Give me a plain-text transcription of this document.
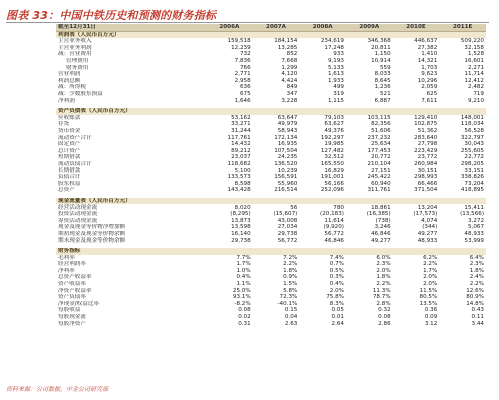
图表 33：中国中铁历史和预测的财务指标
截至12月31日	2006A	2007A	2008A	2009A	2010E	2011E
利润表（人民币百万元）						
主营业务收入	159,518	184,154	234,619	346,368	446,637	509,220
主营业务利润	12,239	13,285	17,248	20,811	27,382	32,158
减：营业费用	732	852	933	1,150	1,410	1,528
管理费用	7,836	7,668	9,193	10,914	14,321	16,601
财务费用	766	1,299	5,133	559	1,703	2,271
营业利润	2,771	4,120	1,613	8,033	9,623	11,714
利润总额	2,958	4,424	1,933	8,645	10,296	12,412
减：所得税	636	849	499	1,236	2,059	2,482
减：少数股东损益	675	347	319	521	625	719
净利润	1,646	3,228	1,115	6,887	7,611	9,210

资产负债表（人民币百万元）						
应收账款	53,162	63,647	79,103	103,115	129,410	148,001
存货	33,271	49,979	63,627	82,356	102,875	118,034
货币资金	31,244	58,943	49,376	51,606	51,362	56,528
流动资产合计	117,761	172,134	192,297	237,232	283,640	322,797
固定资产	14,432	16,935	19,985	25,634	27,798	30,043
总计资产	89,212	107,504	127,482	177,453	223,429	255,605
短期借款	23,037	24,235	32,512	20,772	23,772	22,772
流动负债合计	118,682	136,520	165,550	210,104	260,984	298,205
长期借款	5,100	10,239	16,829	27,151	30,151	33,151
负债合计	133,573	156,591	191,001	245,422	298,993	338,826
股东权益	8,598	55,960	56,166	60,940	66,466	73,204
总资产	143,428	216,514	252,096	311,761	371,504	418,895

现金流量表（人民币百万元）						
经营活动现金流	8,020	56	780	18,861	13,204	15,411
投资活动现金流	(8,295)	(15,607)	(20,183)	(16,385)	(17,573)	(13,566)
筹资活动现金流	13,873	43,008	11,614	(738)	4,074	3,272
现金及现金等价物净增加额	13,598	27,034	(9,920)	3,246	(344)	5,067
期初现金及现金等价物余额	16,140	29,738	56,772	46,846	49,277	48,933
期末现金及现金等价物余额	29,738	56,772	46,846	49,277	48,933	53,999

财务指标						
毛利率	7.7%	7.2%	7.4%	6.0%	6.2%	6.4%
经营利润率	1.7%	2.2%	0.7%	2.3%	2.2%	2.3%
净利率	1.0%	1.8%	0.5%	2.0%	1.7%	1.8%
总资产收益率	0.4%	0.9%	0.3%	1.8%	2.0%	2.4%
资产收益率	1.1%	1.5%	0.4%	2.2%	2.0%	2.2%
净资产收益率	25.0%	5.8%	2.0%	11.3%	11.5%	12.6%
资产负债率	93.1%	72.3%	75.8%	78.7%	80.5%	80.9%
净现金/权益比率	-8.2%	-40.1%	8.3%	2.8%	13.5%	14.8%
每股收益	0.08	0.15	0.05	0.32	0.36	0.43
每股现金流	0.02	0.04	0.01	0.08	0.09	0.11
每股净资产	0.31	2.63	2.64	2.86	3.12	3.44
资料来源：公司数据，中金公司研究部
